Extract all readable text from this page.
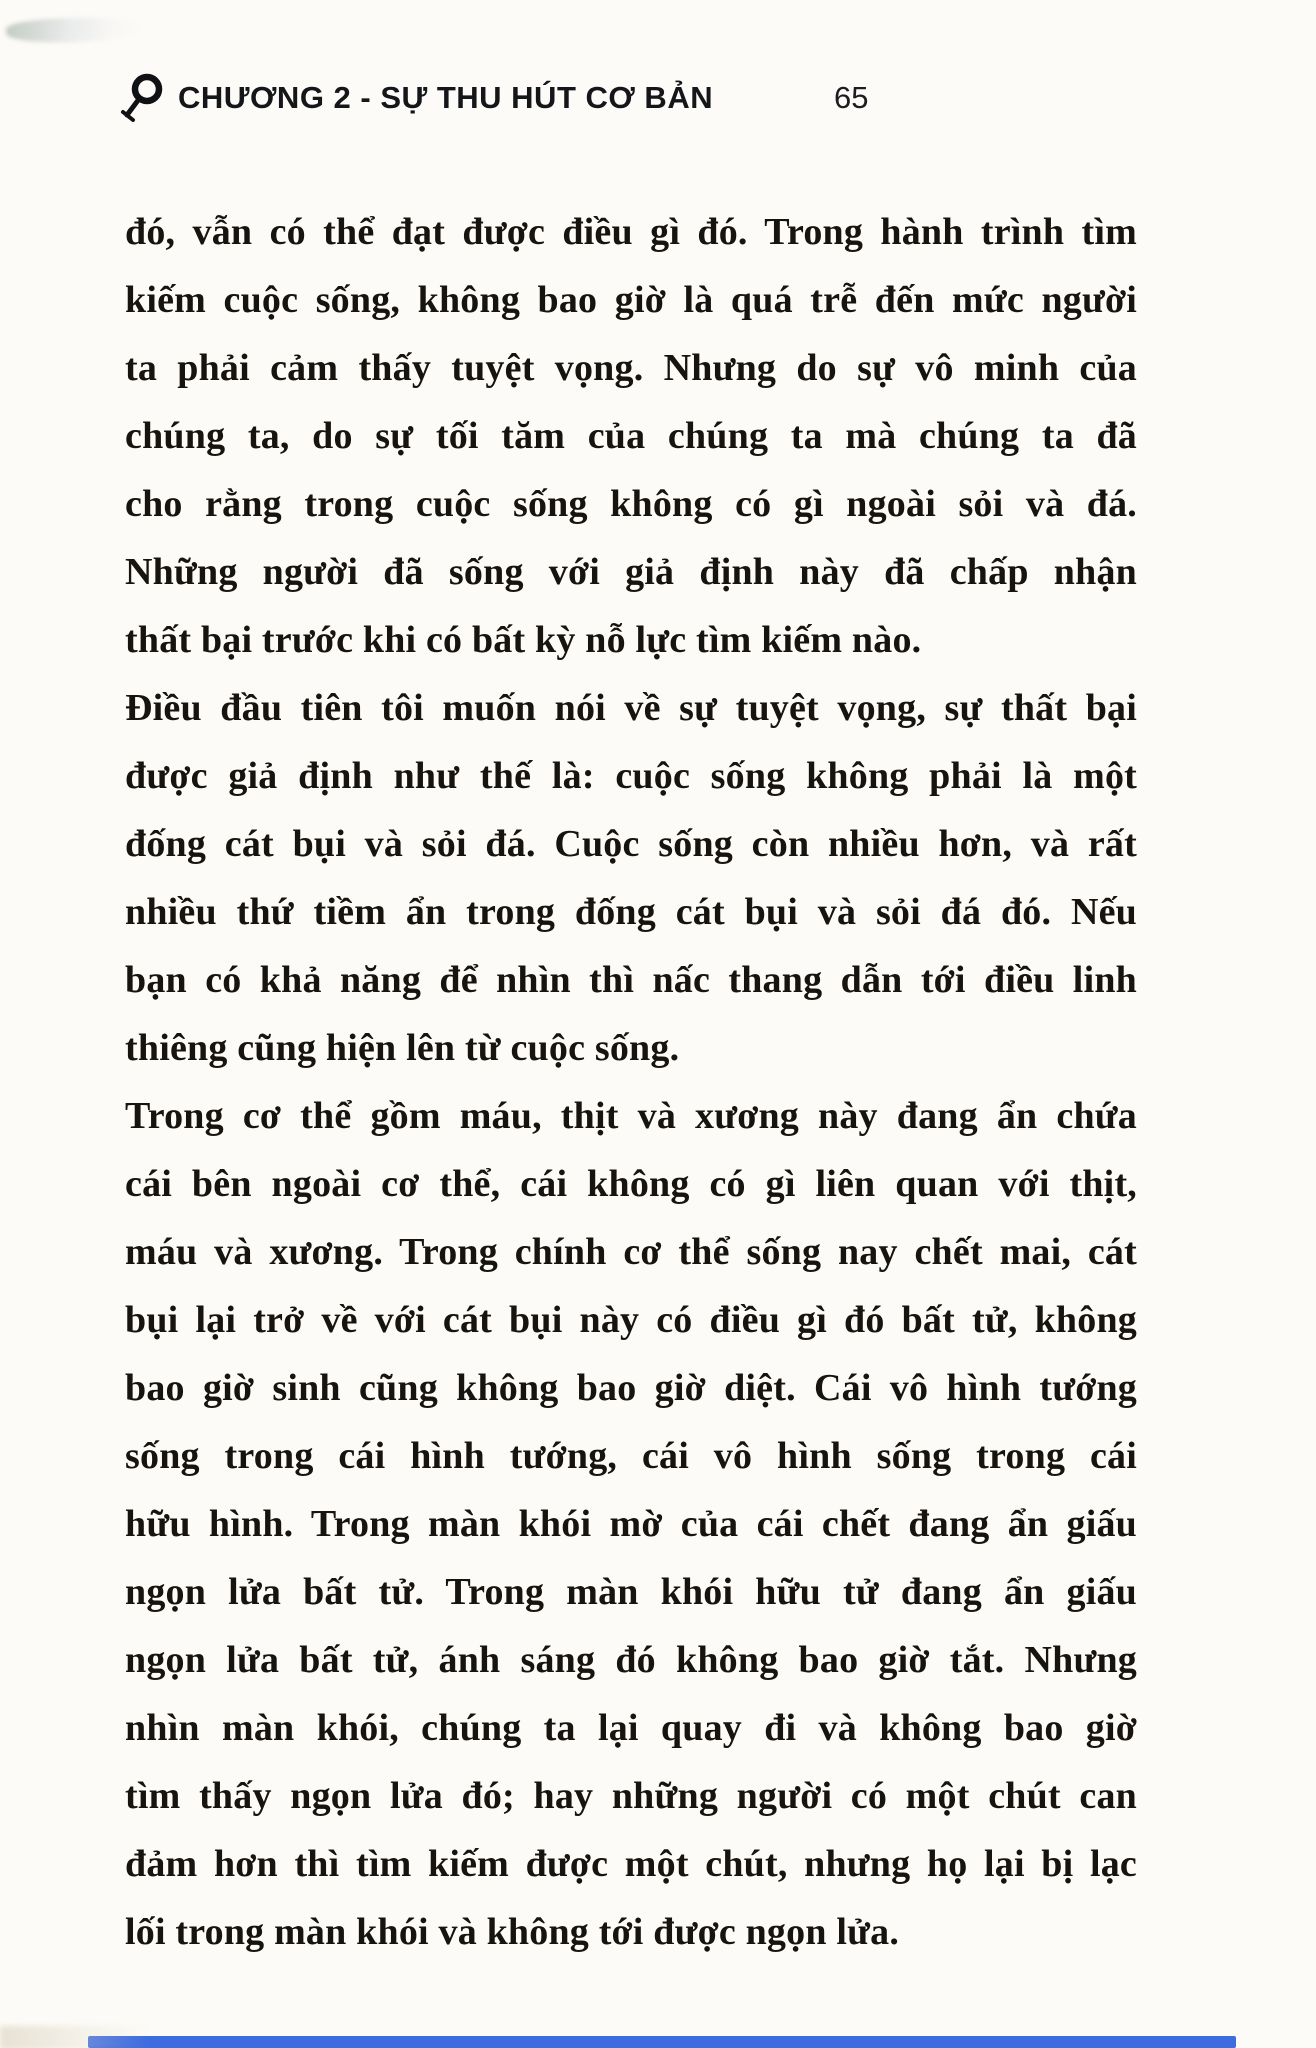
CHƯƠNG 2 - SỰ THU HÚT CƠ BẢN	65
đó, vẫn có thể đạt được điều gì đó. Trong hành trình tìm
kiếm cuộc sống, không bao giờ là quá trễ đến mức người
ta phải cảm thấy tuyệt vọng. Nhưng do sự vô minh của
chúng ta, do sự tối tăm của chúng ta mà chúng ta đã
cho rằng trong cuộc sống không có gì ngoài sỏi và đá.
Những người đã sống với giả định này đã chấp nhận
thất bại trước khi có bất kỳ nỗ lực tìm kiếm nào.
Điều đầu tiên tôi muốn nói về sự tuyệt vọng, sự thất bại
được giả định như thế là: cuộc sống không phải là một
đống cát bụi và sỏi đá. Cuộc sống còn nhiều hơn, và rất
nhiều thứ tiềm ẩn trong đống cát bụi và sỏi đá đó. Nếu
bạn có khả năng để nhìn thì nấc thang dẫn tới điều linh
thiêng cũng hiện lên từ cuộc sống.
Trong cơ thể gồm máu, thịt và xương này đang ẩn chứa
cái bên ngoài cơ thể, cái không có gì liên quan với thịt,
máu và xương. Trong chính cơ thể sống nay chết mai, cát
bụi lại trở về với cát bụi này có điều gì đó bất tử, không
bao giờ sinh cũng không bao giờ diệt. Cái vô hình tướng
sống trong cái hình tướng, cái vô hình sống trong cái
hữu hình. Trong màn khói mờ của cái chết đang ẩn giấu
ngọn lửa bất tử. Trong màn khói hữu tử đang ẩn giấu
ngọn lửa bất tử, ánh sáng đó không bao giờ tắt. Nhưng
nhìn màn khói, chúng ta lại quay đi và không bao giờ
tìm thấy ngọn lửa đó; hay những người có một chút can
đảm hơn thì tìm kiếm được một chút, nhưng họ lại bị lạc
lối trong màn khói và không tới được ngọn lửa.
